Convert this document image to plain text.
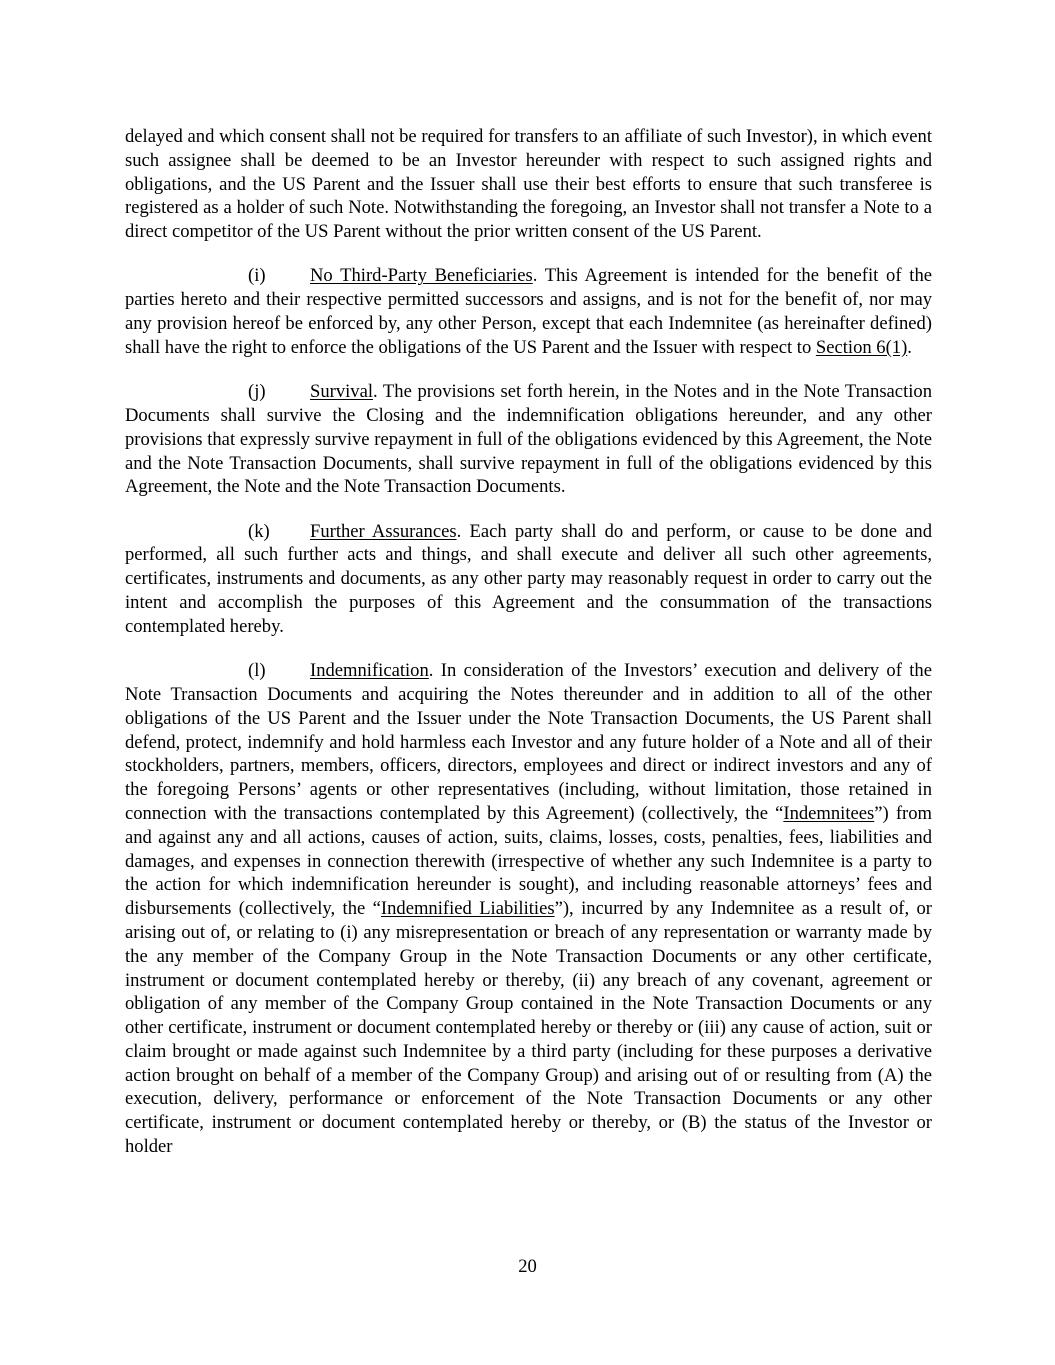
delayed and which consent shall not be required for transfers to an affiliate of such Investor), in which event such assignee shall be deemed to be an Investor hereunder with respect to such assigned rights and obligations, and the US Parent and the Issuer shall use their best efforts to ensure that such transferee is registered as a holder of such Note. Notwithstanding the foregoing, an Investor shall not transfer a Note to a direct competitor of the US Parent without the prior written consent of the US Parent.

(i) No Third-Party Beneficiaries. This Agreement is intended for the benefit of the parties hereto and their respective permitted successors and assigns, and is not for the benefit of, nor may any provision hereof be enforced by, any other Person, except that each Indemnitee (as hereinafter defined) shall have the right to enforce the obligations of the US Parent and the Issuer with respect to Section 6(1).

(j) Survival. The provisions set forth herein, in the Notes and in the Note Transaction Documents shall survive the Closing and the indemnification obligations hereunder, and any other provisions that expressly survive repayment in full of the obligations evidenced by this Agreement, the Note and the Note Transaction Documents, shall survive repayment in full of the obligations evidenced by this Agreement, the Note and the Note Transaction Documents.

(k) Further Assurances. Each party shall do and perform, or cause to be done and performed, all such further acts and things, and shall execute and deliver all such other agreements, certificates, instruments and documents, as any other party may reasonably request in order to carry out the intent and accomplish the purposes of this Agreement and the consummation of the transactions contemplated hereby.

(l) Indemnification. In consideration of the Investors’ execution and delivery of the Note Transaction Documents and acquiring the Notes thereunder and in addition to all of the other obligations of the US Parent and the Issuer under the Note Transaction Documents, the US Parent shall defend, protect, indemnify and hold harmless each Investor and any future holder of a Note and all of their stockholders, partners, members, officers, directors, employees and direct or indirect investors and any of the foregoing Persons’ agents or other representatives (including, without limitation, those retained in connection with the transactions contemplated by this Agreement) (collectively, the “Indemnitees”) from and against any and all actions, causes of action, suits, claims, losses, costs, penalties, fees, liabilities and damages, and expenses in connection therewith (irrespective of whether any such Indemnitee is a party to the action for which indemnification hereunder is sought), and including reasonable attorneys’ fees and disbursements (collectively, the “Indemnified Liabilities”), incurred by any Indemnitee as a result of, or arising out of, or relating to (i) any misrepresentation or breach of any representation or warranty made by the any member of the Company Group in the Note Transaction Documents or any other certificate, instrument or document contemplated hereby or thereby, (ii) any breach of any covenant, agreement or obligation of any member of the Company Group contained in the Note Transaction Documents or any other certificate, instrument or document contemplated hereby or thereby or (iii) any cause of action, suit or claim brought or made against such Indemnitee by a third party (including for these purposes a derivative action brought on behalf of a member of the Company Group) and arising out of or resulting from (A) the execution, delivery, performance or enforcement of the Note Transaction Documents or any other certificate, instrument or document contemplated hereby or thereby, or (B) the status of the Investor or holder

20
